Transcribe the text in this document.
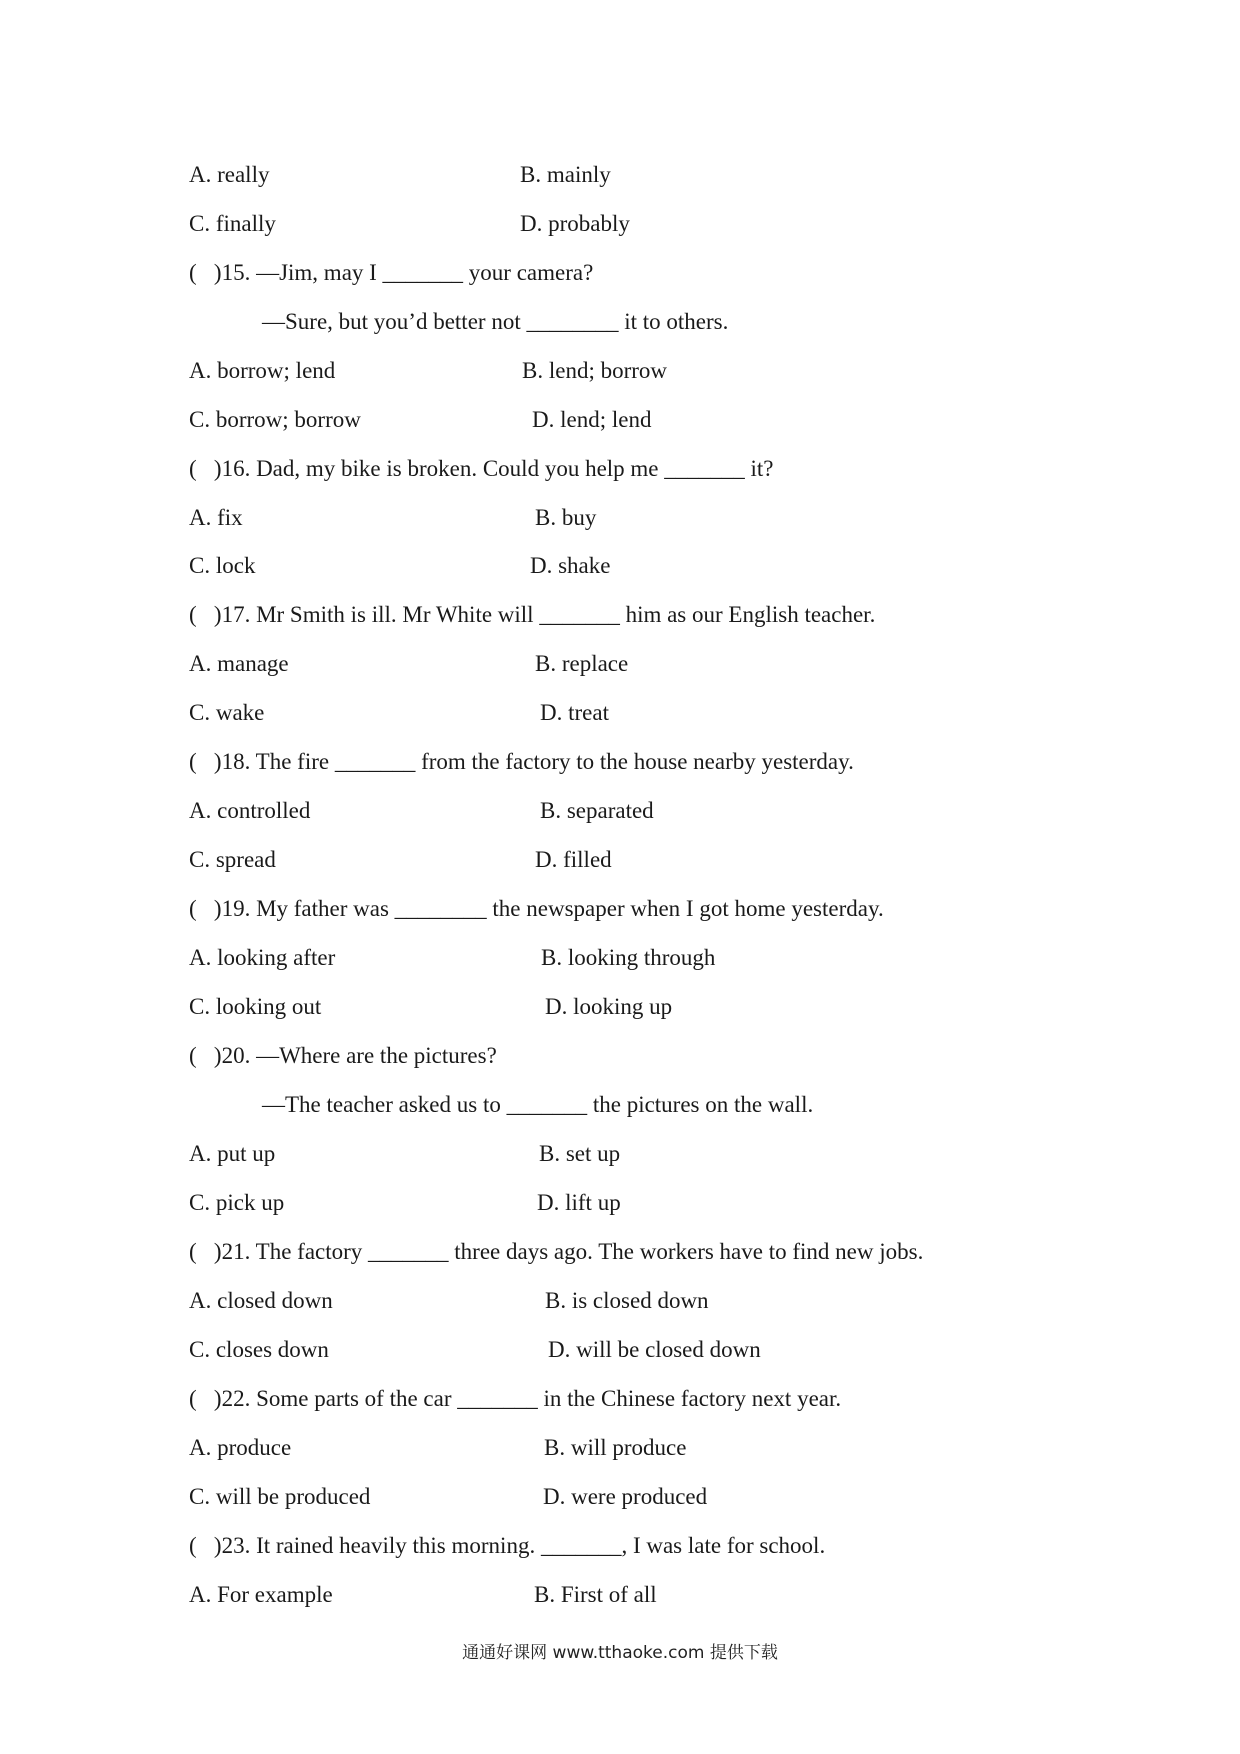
A. really	B. mainly
C. finally	D. probably
(   )15. —Jim, may I _______ your camera?
—Sure, but you’d better not ________ it to others.
A. borrow; lend	B. lend; borrow
C. borrow; borrow	D. lend; lend
(   )16. Dad, my bike is broken. Could you help me _______ it?
A. fix	B. buy
C. lock	D. shake
(   )17. Mr Smith is ill. Mr White will _______ him as our English teacher.
A. manage	B. replace
C. wake	D. treat
(   )18. The fire _______ from the factory to the house nearby yesterday.
A. controlled	B. separated
C. spread	D. filled
(   )19. My father was ________ the newspaper when I got home yesterday.
A. looking after	B. looking through
C. looking out	D. looking up
(   )20. —Where are the pictures?
—The teacher asked us to _______ the pictures on the wall.
A. put up	B. set up
C. pick up	D. lift up
(   )21. The factory _______ three days ago. The workers have to find new jobs.
A. closed down	B. is closed down
C. closes down	D. will be closed down
(   )22. Some parts of the car _______ in the Chinese factory next year.
A. produce	B. will produce
C. will be produced	D. were produced
(   )23. It rained heavily this morning. _______, I was late for school.
A. For example	B. First of all
通通好课网 www.tthaoke.com 提供下载
